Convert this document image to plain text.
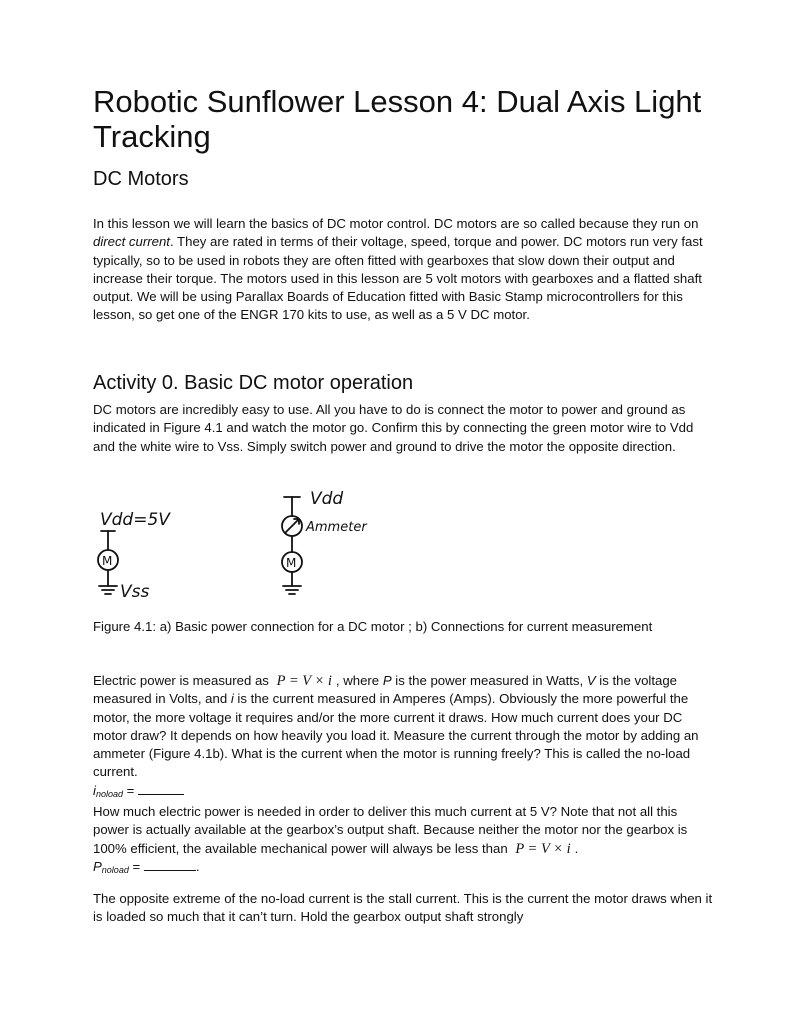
Robotic Sunflower Lesson 4: Dual Axis Light Tracking
DC Motors

In this lesson we will learn the basics of DC motor control. DC motors are so called because they run on direct current. They are rated in terms of their voltage, speed, torque and power. DC motors run very fast typically, so to be used in robots they are often fitted with gearboxes that slow down their output and increase their torque. The motors used in this lesson are 5 volt motors with gearboxes and a flatted shaft output. We will be using Parallax Boards of Education fitted with Basic Stamp microcontrollers for this lesson, so get one of the ENGR 170 kits to use, as well as a 5 V DC motor.

Activity 0. Basic DC motor operation

DC motors are incredibly easy to use. All you have to do is connect the motor to power and ground as indicated in Figure 4.1 and watch the motor go. Confirm this by connecting the green motor wire to Vdd and the white wire to Vss. Simply switch power and ground to drive the motor the opposite direction.

Vdd=5V
M
Vss
Vdd
Ammeter
M

Figure 4.1: a) Basic power connection for a DC motor ; b) Connections for current measurement

Electric power is measured as P = V × i , where P is the power measured in Watts, V is the voltage measured in Volts, and i is the current measured in Amperes (Amps). Obviously the more powerful the motor, the more voltage it requires and/or the more current it draws. How much current does your DC motor draw? It depends on how heavily you load it. Measure the current through the motor by adding an ammeter (Figure 4.1b). What is the current when the motor is running freely? This is called the no-load current.
$i_{noload}$ =
How much electric power is needed in order to deliver this much current at 5 V? Note that not all this power is actually available at the gearbox’s output shaft. Because neither the motor nor the gearbox is 100% efficient, the available mechanical power will always be less than P = V × i .
$P_{noload}$ =	.

The opposite extreme of the no-load current is the stall current. This is the current the motor draws when it is loaded so much that it can’t turn. Hold the gearbox output shaft strongly
